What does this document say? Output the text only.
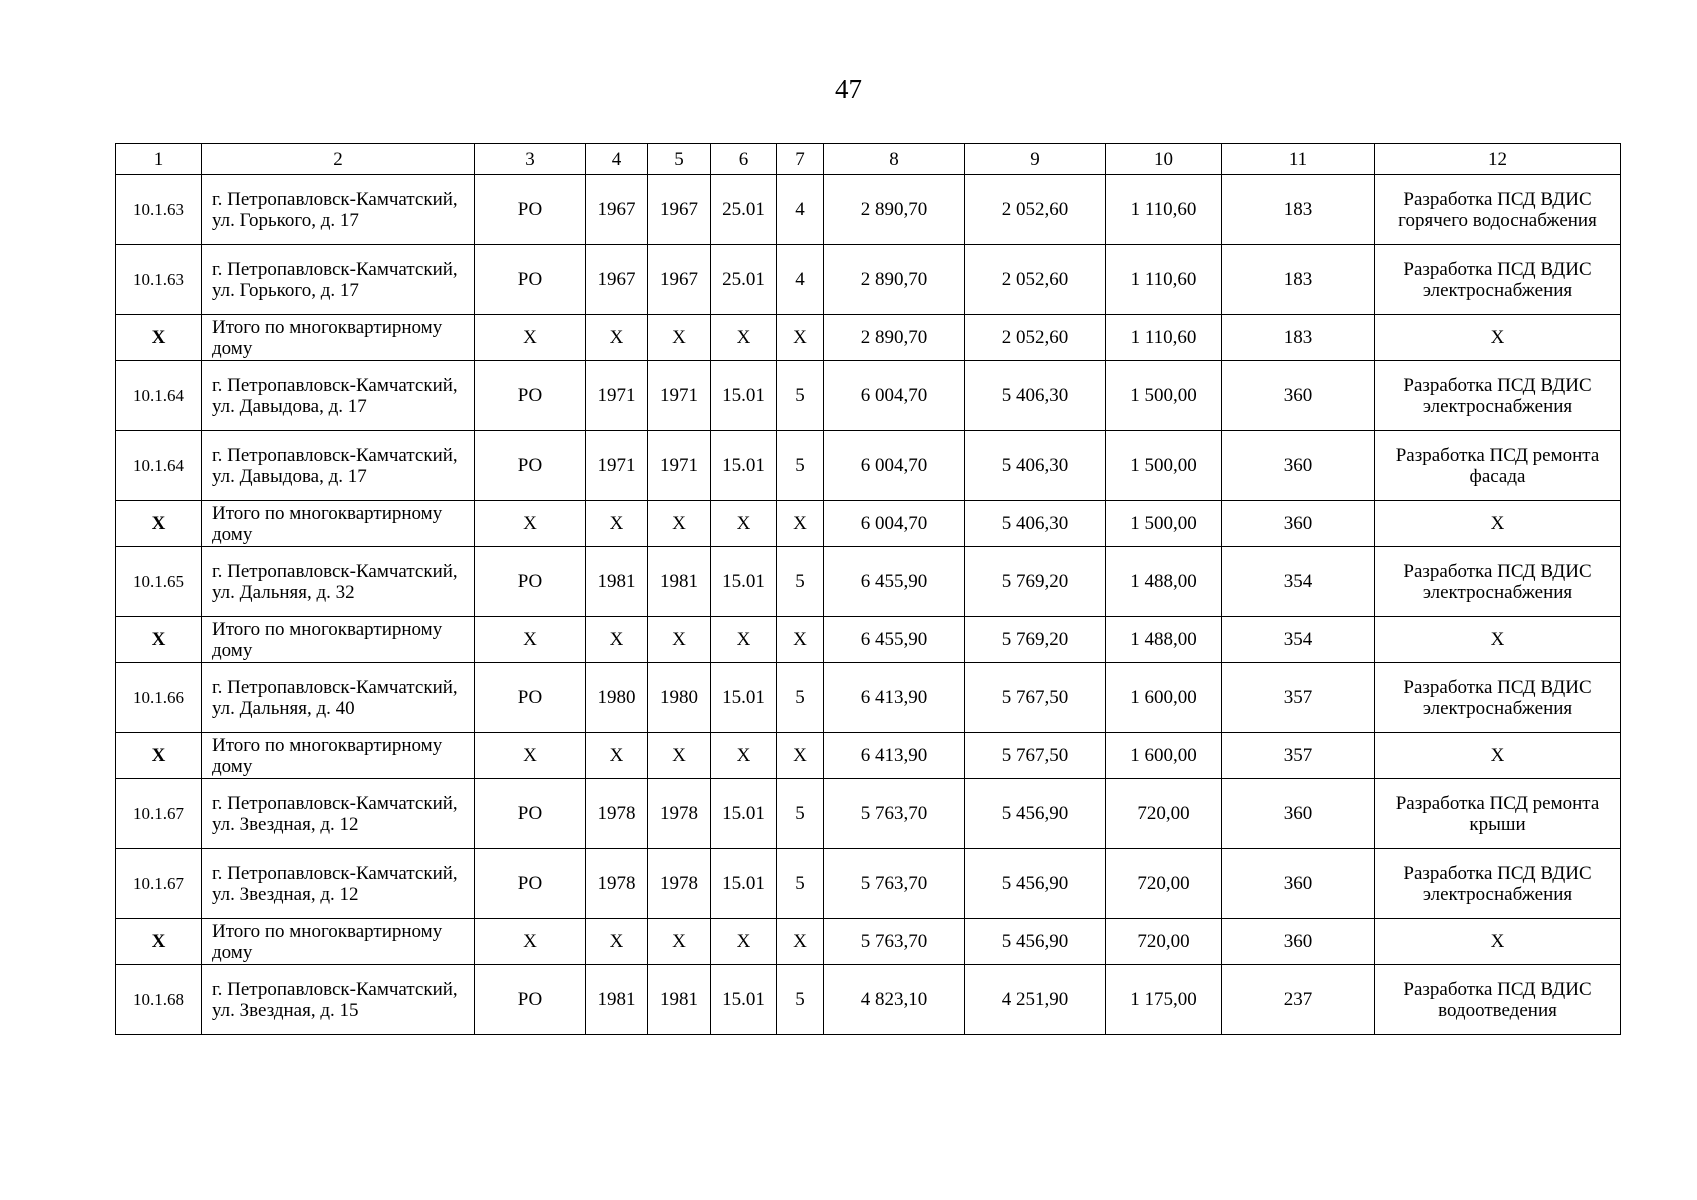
47
1	2	3	4	5	6	7	8	9	10	11	12
10.1.63	г. Петропавловск-Камчатский, ул. Горького, д. 17	РО	1967	1967	25.01	4	2 890,70	2 052,60	1 110,60	183	Разработка ПСД ВДИС горячего водоснабжения
10.1.63	г. Петропавловск-Камчатский, ул. Горького, д. 17	РО	1967	1967	25.01	4	2 890,70	2 052,60	1 110,60	183	Разработка ПСД ВДИС электроснабжения
Х	Итого по многоквартирному дому	Х	Х	Х	Х	Х	2 890,70	2 052,60	1 110,60	183	Х
10.1.64	г. Петропавловск-Камчатский, ул. Давыдова, д. 17	РО	1971	1971	15.01	5	6 004,70	5 406,30	1 500,00	360	Разработка ПСД ВДИС электроснабжения
10.1.64	г. Петропавловск-Камчатский, ул. Давыдова, д. 17	РО	1971	1971	15.01	5	6 004,70	5 406,30	1 500,00	360	Разработка ПСД ремонта фасада
Х	Итого по многоквартирному дому	Х	Х	Х	Х	Х	6 004,70	5 406,30	1 500,00	360	Х
10.1.65	г. Петропавловск-Камчатский, ул. Дальняя, д. 32	РО	1981	1981	15.01	5	6 455,90	5 769,20	1 488,00	354	Разработка ПСД ВДИС электроснабжения
Х	Итого по многоквартирному дому	Х	Х	Х	Х	Х	6 455,90	5 769,20	1 488,00	354	Х
10.1.66	г. Петропавловск-Камчатский, ул. Дальняя, д. 40	РО	1980	1980	15.01	5	6 413,90	5 767,50	1 600,00	357	Разработка ПСД ВДИС электроснабжения
Х	Итого по многоквартирному дому	Х	Х	Х	Х	Х	6 413,90	5 767,50	1 600,00	357	Х
10.1.67	г. Петропавловск-Камчатский, ул. Звездная, д. 12	РО	1978	1978	15.01	5	5 763,70	5 456,90	720,00	360	Разработка ПСД ремонта крыши
10.1.67	г. Петропавловск-Камчатский, ул. Звездная, д. 12	РО	1978	1978	15.01	5	5 763,70	5 456,90	720,00	360	Разработка ПСД ВДИС электроснабжения
Х	Итого по многоквартирному дому	Х	Х	Х	Х	Х	5 763,70	5 456,90	720,00	360	Х
10.1.68	г. Петропавловск-Камчатский, ул. Звездная, д. 15	РО	1981	1981	15.01	5	4 823,10	4 251,90	1 175,00	237	Разработка ПСД ВДИС водоотведения
